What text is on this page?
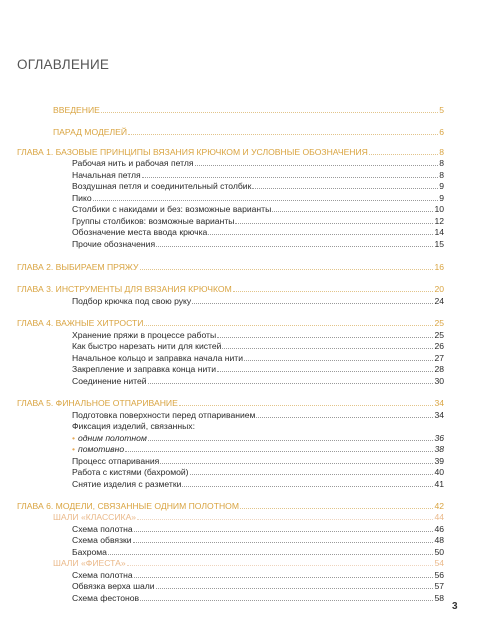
ОГЛАВЛЕНИЕ
ВВЕДЕНИЕ	5
ПАРАД МОДЕЛЕЙ	6
ГЛАВА 1. БАЗОВЫЕ ПРИНЦИПЫ ВЯЗАНИЯ КРЮЧКОМ И УСЛОВНЫЕ ОБОЗНАЧЕНИЯ	8
Рабочая нить и рабочая петля	8
Начальная петля	8
Воздушная петля и соединительный столбик	9
Пико	9
Столбики с накидами и без: возможные варианты	10
Группы столбиков: возможные варианты	12
Обозначение места ввода крючка	14
Прочие обозначения	15
ГЛАВА 2. ВЫБИРАЕМ ПРЯЖУ	16
ГЛАВА 3. ИНСТРУМЕНТЫ ДЛЯ ВЯЗАНИЯ КРЮЧКОМ	20
Подбор крючка под свою руку	24
ГЛАВА 4. ВАЖНЫЕ ХИТРОСТИ	25
Хранение пряжи в процессе работы	25
Как быстро нарезать нити для кистей	26
Начальное кольцо и заправка начала нити	27
Закрепление и заправка конца нити	28
Соединение нитей	30
ГЛАВА 5. ФИНАЛЬНОЕ ОТПАРИВАНИЕ	34
Подготовка поверхности перед отпариванием	34
Фиксация изделий, связанных:
• одним полотном	36
• помотивно	38
Процесс отпаривания	39
Работа с кистями (бахромой)	40
Снятие изделия с разметки	41
ГЛАВА 6. МОДЕЛИ, СВЯЗАННЫЕ ОДНИМ ПОЛОТНОМ	42
ШАЛИ «КЛАССИКА»	44
Схема полотна	46
Схема обвязки	48
Бахрома	50
ШАЛИ «ФИЕСТА»	54
Схема полотна	56
Обвязка верха шали	57
Схема фестонов	58
3
